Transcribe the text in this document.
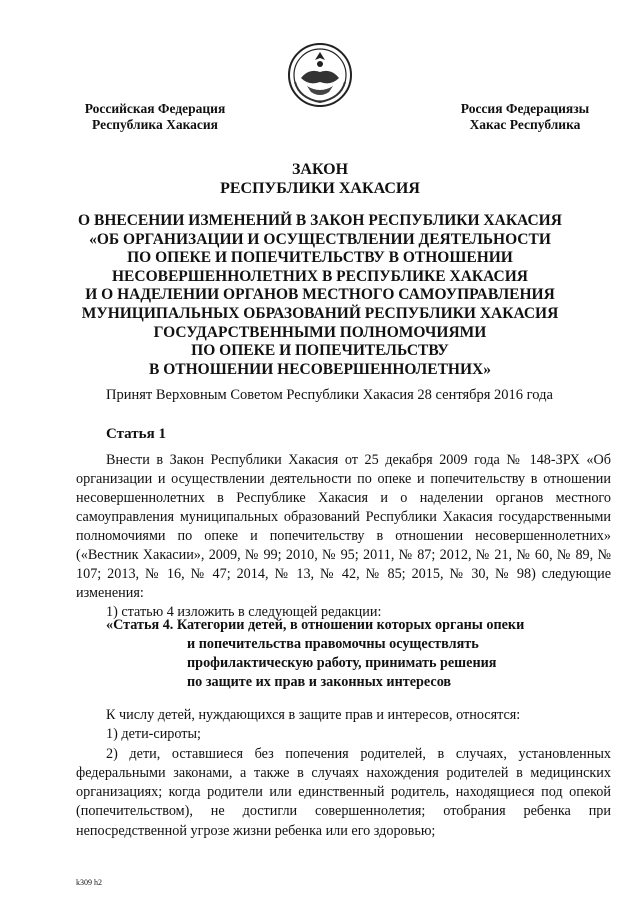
Российская Федерация
Республика Хакасия
Россия Федерациязы
Хакас Республика
ЗАКОН
РЕСПУБЛИКИ ХАКАСИЯ
О ВНЕСЕНИИ ИЗМЕНЕНИЙ В ЗАКОН РЕСПУБЛИКИ ХАКАСИЯ
«ОБ ОРГАНИЗАЦИИ И ОСУЩЕСТВЛЕНИИ ДЕЯТЕЛЬНОСТИ
ПО ОПЕКЕ И ПОПЕЧИТЕЛЬСТВУ В ОТНОШЕНИИ
НЕСОВЕРШЕННОЛЕТНИХ В РЕСПУБЛИКЕ ХАКАСИЯ
И О НАДЕЛЕНИИ ОРГАНОВ МЕСТНОГО САМОУПРАВЛЕНИЯ
МУНИЦИПАЛЬНЫХ ОБРАЗОВАНИЙ РЕСПУБЛИКИ ХАКАСИЯ
ГОСУДАРСТВЕННЫМИ ПОЛНОМОЧИЯМИ
ПО ОПЕКЕ И ПОПЕЧИТЕЛЬСТВУ
В ОТНОШЕНИИ НЕСОВЕРШЕННОЛЕТНИХ»
Принят Верховным Советом Республики Хакасия 28 сентября 2016 года
Статья 1

Внести в Закон Республики Хакасия от 25 декабря 2009 года № 148-ЗРХ «Об организации и осуществлении деятельности по опеке и попечительству в отношении несовершеннолетних в Республике Хакасия и о наделении органов местного самоуправления муниципальных образований Республики Хакасия государственными полномочиями по опеке и попечительству в отношении несовершеннолетних» («Вестник Хакасии», 2009, № 99; 2010, № 95; 2011, № 87; 2012, № 21, № 60, № 89, № 107; 2013, № 16, № 47; 2014, № 13, № 42, № 85; 2015, № 30, № 98) следующие изменения:

1) статью 4 изложить в следующей редакции:

«Статья 4. Категории детей, в отношении которых органы опеки
и попечительства правомочны осуществлять
профилактическую работу, принимать решения
по защите их прав и законных интересов

К числу детей, нуждающихся в защите прав и интересов, относятся:

1) дети-сироты;

2) дети, оставшиеся без попечения родителей, в случаях, установленных федеральными законами, а также в случаях нахождения родителей в медицинских организациях; когда родители или единственный родитель, находящиеся под опекой (попечительством), не достигли совершеннолетия; отобрания ребенка при непосредственной угрозе жизни ребенка или его здоровью;

k309 h2
